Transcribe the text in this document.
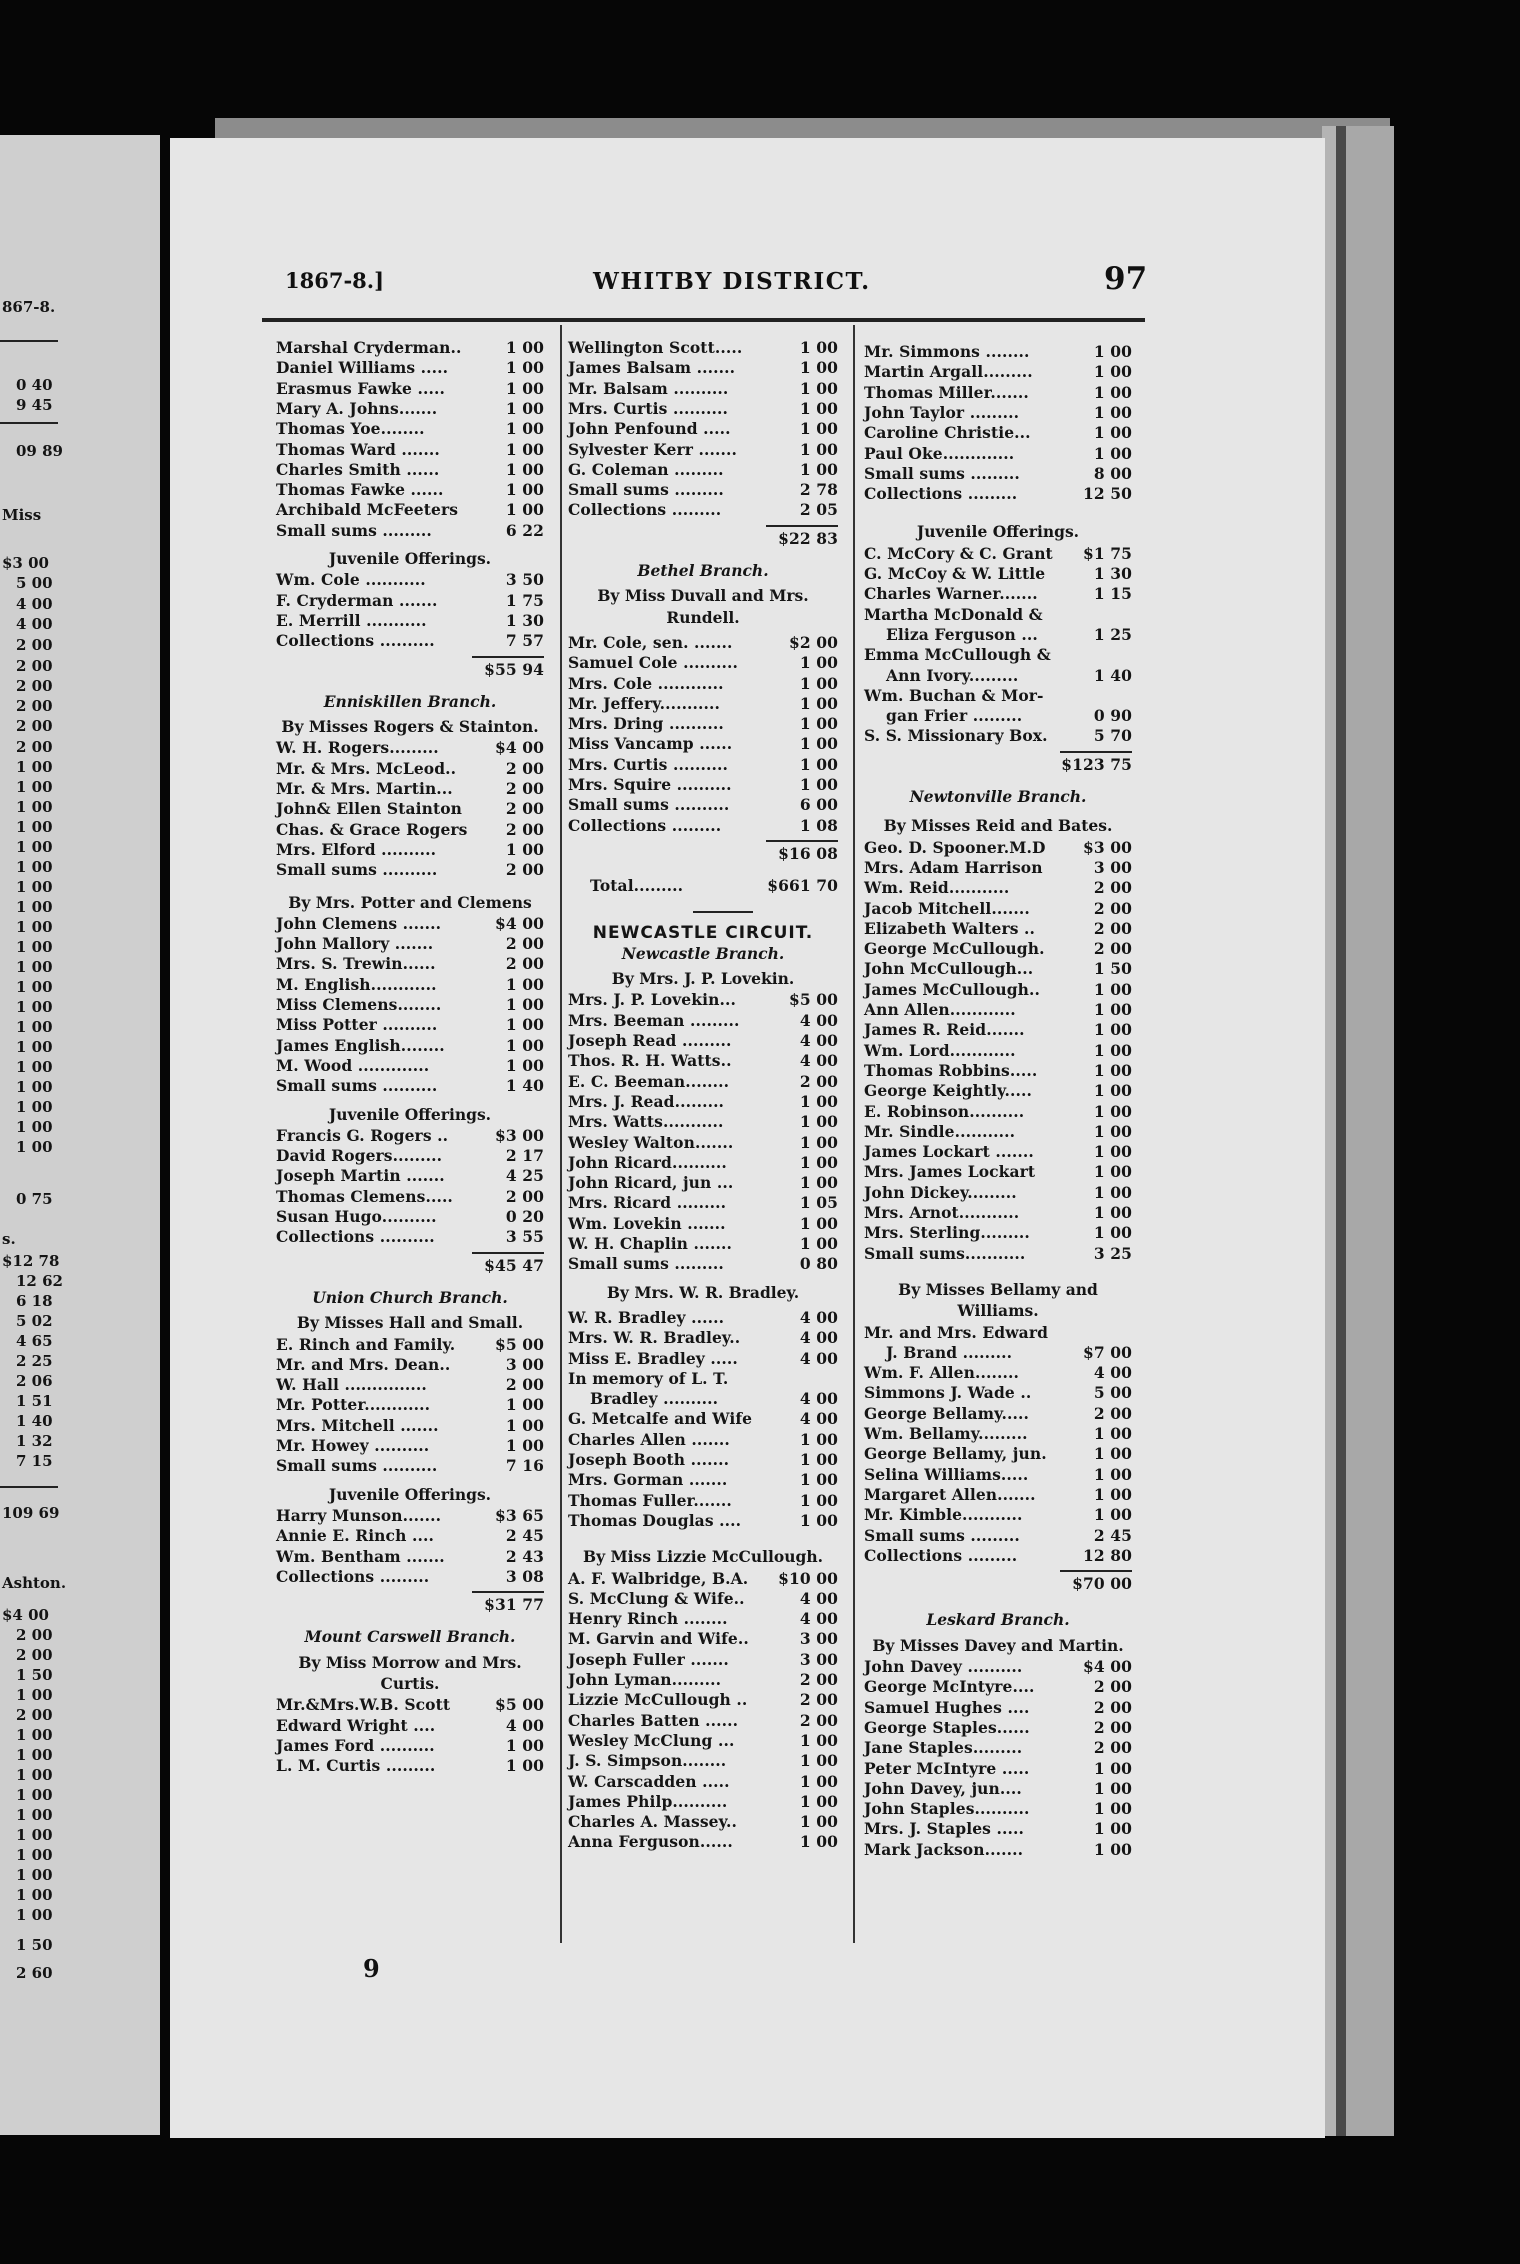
867-8.
0 40
9 45
09 89
Miss
$3 00
5 00
4 00
4 00
2 00
2 00
2 00
2 00
2 00
2 00
1 00
1 00
1 00
1 00
1 00
1 00
1 00
1 00
1 00
1 00
1 00
1 00
1 00
1 00
1 00
1 00
1 00
1 00
1 00
1 00
0 75
s.
$12 78
12 62
6 18
5 02
4 65
2 25
2 06
1 51
1 40
1 32
7 15
109 69
Ashton.
$4 00
2 00
2 00
1 50
1 00
2 00
1 00
1 00
1 00
1 00
1 00
1 00
1 00
1 00
1 00
1 00
1 50
2 60
1867-8.]	WHITBY DISTRICT.	97
Marshal Cryderman..	1 00
Daniel Williams .....	1 00
Erasmus Fawke .....	1 00
Mary A. Johns.......	1 00
Thomas Yoe........	1 00
Thomas Ward .......	1 00
Charles Smith ......	1 00
Thomas Fawke ......	1 00
Archibald McFeeters	1 00
Small sums .........	6 22
Juvenile Offerings.
Wm. Cole ...........	3 50
F. Cryderman .......	1 75
E. Merrill ...........	1 30
Collections ..........	7 57
$55 94
Enniskillen Branch.
By Misses Rogers & Stainton.
W. H. Rogers.........	$4 00
Mr. & Mrs. McLeod..	2 00
Mr. & Mrs. Martin...	2 00
John& Ellen Stainton	2 00
Chas. & Grace Rogers 2 00
Mrs. Elford ..........	1 00
Small sums ..........	2 00
By Mrs. Potter and Clemens
John Clemens .......	$4 00
John Mallory .......	2 00
Mrs. S. Trewin......	2 00
M. English............	1 00
Miss Clemens........	1 00
Miss Potter ..........	1 00
James English........	1 00
M. Wood .............	1 00
Small sums ..........	1 40
Juvenile Offerings.
Francis G. Rogers ..	$3 00
David Rogers.........	2 17
Joseph Martin .......	4 25
Thomas Clemens.....	2 00
Susan Hugo..........	0 20
Collections ..........	3 55
$45 47
Union Church Branch.
By Misses Hall and Small.
E. Rinch and Family.	$5 00
Mr. and Mrs. Dean..	3 00
W. Hall ...............	2 00
Mr. Potter............	1 00
Mrs. Mitchell .......	1 00
Mr. Howey ..........	1 00
Small sums ..........	7 16
Juvenile Offerings.
Harry Munson.......	$3 65
Annie E. Rinch ....	2 45
Wm. Bentham .......	2 43
Collections .........	3 08
$31 77
Mount Carswell Branch.
By Miss Morrow and Mrs.
Curtis.
Mr.&Mrs.W.B. Scott	$5 00
Edward Wright ....	4 00
James Ford ..........	1 00
L. M. Curtis .........	1 00
Wellington Scott.....	1 00
James Balsam .......	1 00
Mr. Balsam ..........	1 00
Mrs. Curtis ..........	1 00
John Penfound .....	1 00
Sylvester Kerr .......	1 00
G. Coleman .........	1 00
Small sums .........	2 78
Collections .........	2 05
$22 83
Bethel Branch.
By Miss Duvall and Mrs.
Rundell.
Mr. Cole, sen. .......	$2 00
Samuel Cole ..........	1 00
Mrs. Cole ............	1 00
Mr. Jeffery...........	1 00
Mrs. Dring ..........	1 00
Miss Vancamp ......	1 00
Mrs. Curtis ..........	1 00
Mrs. Squire ..........	1 00
Small sums ..........	6 00
Collections .........	1 08
$16 08
Total.........	$661 70
NEWCASTLE CIRCUIT.
Newcastle Branch.
By Mrs. J. P. Lovekin.
Mrs. J. P. Lovekin...	$5 00
Mrs. Beeman .........	4 00
Joseph Read .........	4 00
Thos. R. H. Watts..	4 00
E. C. Beeman........	2 00
Mrs. J. Read.........	1 00
Mrs. Watts...........	1 00
Wesley Walton.......	1 00
John Ricard..........	1 00
John Ricard, jun ...	1 00
Mrs. Ricard .........	1 05
Wm. Lovekin .......	1 00
W. H. Chaplin .......	1 00
Small sums .........	0 80
By Mrs. W. R. Bradley.
W. R. Bradley ......	4 00
Mrs. W. R. Bradley..	4 00
Miss E. Bradley .....	4 00
In memory of L. T.
Bradley ..........	4 00
G. Metcalfe and Wife	4 00
Charles Allen .......	1 00
Joseph Booth .......	1 00
Mrs. Gorman .......	1 00
Thomas Fuller.......	1 00
Thomas Douglas ....	1 00
By Miss Lizzie McCullough.
A. F. Walbridge, B.A. $10 00
S. McClung & Wife..	4 00
Henry Rinch ........	4 00
M. Garvin and Wife..	3 00
Joseph Fuller .......	3 00
John Lyman.........	2 00
Lizzie McCullough ..	2 00
Charles Batten ......	2 00
Wesley McClung ...	1 00
J. S. Simpson........	1 00
W. Carscadden .....	1 00
James Philp..........	1 00
Charles A. Massey..	1 00
Anna Ferguson......	1 00
Mr. Simmons ........	1 00
Martin Argall.........	1 00
Thomas Miller.......	1 00
John Taylor .........	1 00
Caroline Christie...	1 00
Paul Oke.............	1 00
Small sums .........	8 00
Collections .........	12 50
Juvenile Offerings.
C. McCory & C. Grant $1 75
G. McCoy & W. Little	1 30
Charles Warner.......	1 15
Martha McDonald &
Eliza Ferguson ...	1 25
Emma McCullough &
Ann Ivory.........	1 40
Wm. Buchan & Mor-
gan Frier .........	0 90
S. S. Missionary Box.	5 70
$123 75
Newtonville Branch.
By Misses Reid and Bates.
Geo. D. Spooner.M.D $3 00
Mrs. Adam Harrison	3 00
Wm. Reid...........	2 00
Jacob Mitchell.......	2 00
Elizabeth Walters ..	2 00
George McCullough.	2 00
John McCullough...	1 50
James McCullough..	1 00
Ann Allen............	1 00
James R. Reid.......	1 00
Wm. Lord............	1 00
Thomas Robbins.....	1 00
George Keightly.....	1 00
E. Robinson..........	1 00
Mr. Sindle...........	1 00
James Lockart .......	1 00
Mrs. James Lockart	1 00
John Dickey.........	1 00
Mrs. Arnot...........	1 00
Mrs. Sterling.........	1 00
Small sums...........	3 25
By Misses Bellamy and
Williams.
Mr. and Mrs. Edward
J. Brand .........	$7 00
Wm. F. Allen........	4 00
Simmons J. Wade ..	5 00
George Bellamy.....	2 00
Wm. Bellamy.........	1 00
George Bellamy, jun.	1 00
Selina Williams.....	1 00
Margaret Allen.......	1 00
Mr. Kimble...........	1 00
Small sums .........	2 45
Collections .........	12 80
$70 00
Leskard Branch.
By Misses Davey and Martin.
John Davey ..........	$4 00
George McIntyre....	2 00
Samuel Hughes ....	2 00
George Staples......	2 00
Jane Staples.........	2 00
Peter McIntyre .....	1 00
John Davey, jun....	1 00
John Staples..........	1 00
Mrs. J. Staples .....	1 00
Mark Jackson.......	1 00
9
